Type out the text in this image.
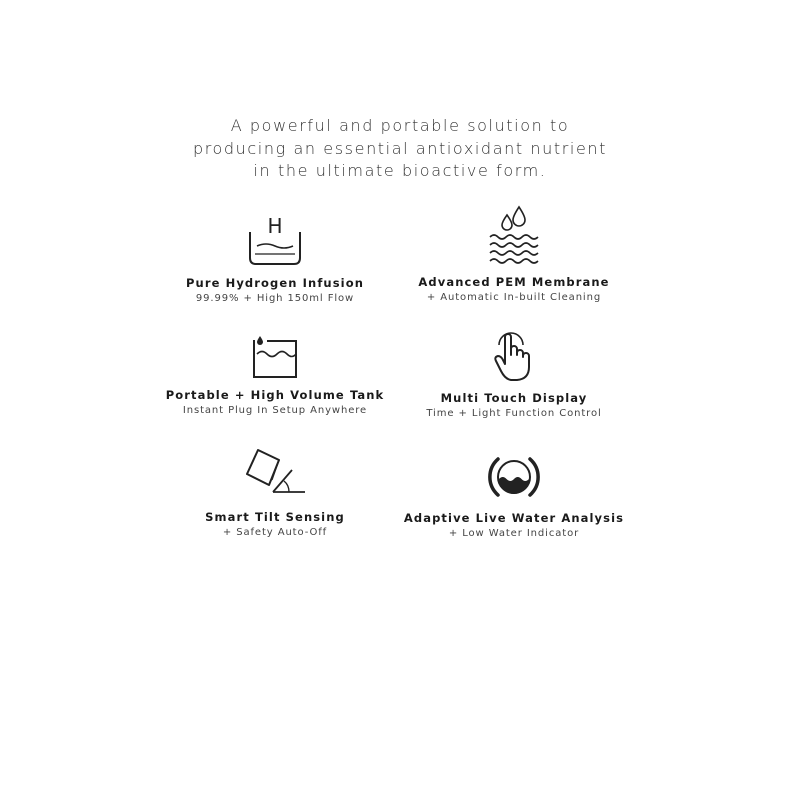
A powerful and portable solution to
producing an essential antioxidant nutrient
in the ultimate bioactive form.
H
Pure Hydrogen Infusion
99.99% + High 150ml Flow
Advanced PEM Membrane
+ Automatic In-built Cleaning
Portable + High Volume Tank
Instant Plug In Setup Anywhere
Multi Touch Display
Time + Light Function Control
Smart Tilt Sensing
+ Safety Auto-Off
Adaptive Live Water Analysis
+ Low Water Indicator
